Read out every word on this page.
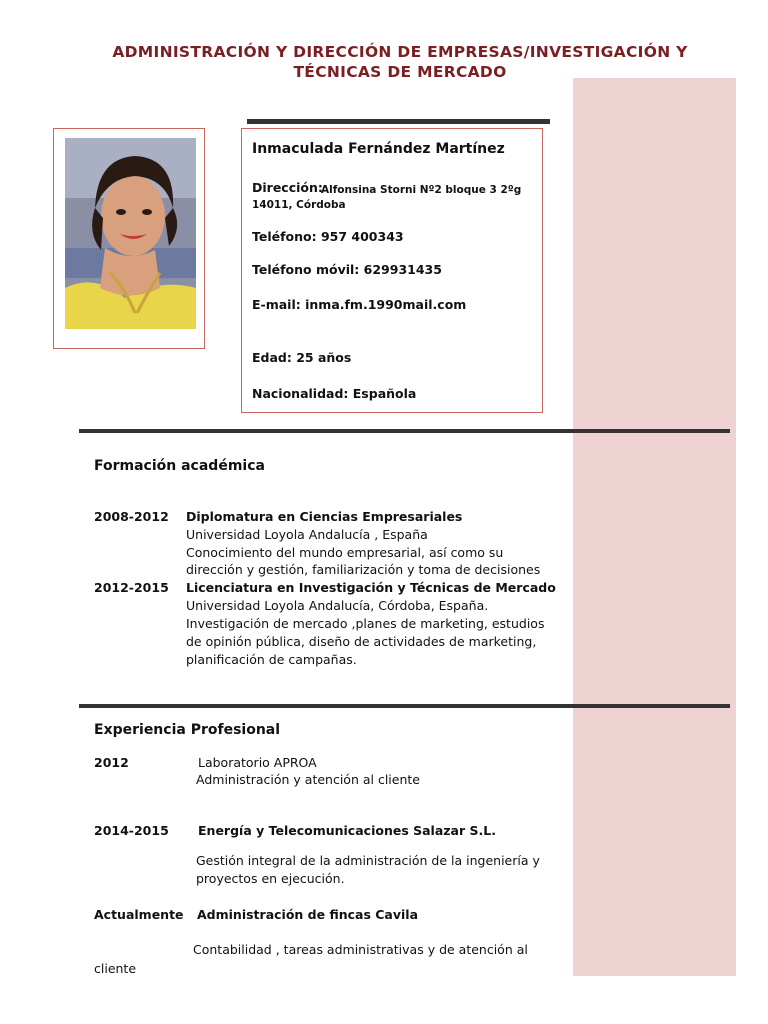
ADMINISTRACIÓN Y DIRECCIÓN DE EMPRESAS/INVESTIGACIÓN Y
TÉCNICAS DE MERCADO
Inmaculada Fernández Martínez
Dirección:
Alfonsina Storni Nº2 bloque 3 2ºg
14011, Córdoba
Teléfono: 957 400343
Teléfono móvil: 629931435
E-mail: inma.fm.1990mail.com
Edad: 25 años
Nacionalidad: Española
Formación académica
2008-2012 Diplomatura en Ciencias Empresariales
Universidad Loyola Andalucía , España
Conocimiento del mundo empresarial, así como su
dirección y gestión, familiarización y toma de decisiones
2012-2015 Licenciatura en Investigación y Técnicas de Mercado
Universidad Loyola Andalucía, Córdoba, España.
Investigación de mercado ,planes de marketing, estudios
de opinión pública, diseño de actividades de marketing,
planificación de campañas.
Experiencia Profesional
2012	Laboratorio APROA
Administración y atención al cliente
2014-2015 Energía y Telecomunicaciones Salazar S.L.
Gestión integral de la administración de la ingeniería y
proyectos en ejecución.
Actualmente Administración de fincas Cavila
Contabilidad , tareas administrativas y de atención al
cliente
